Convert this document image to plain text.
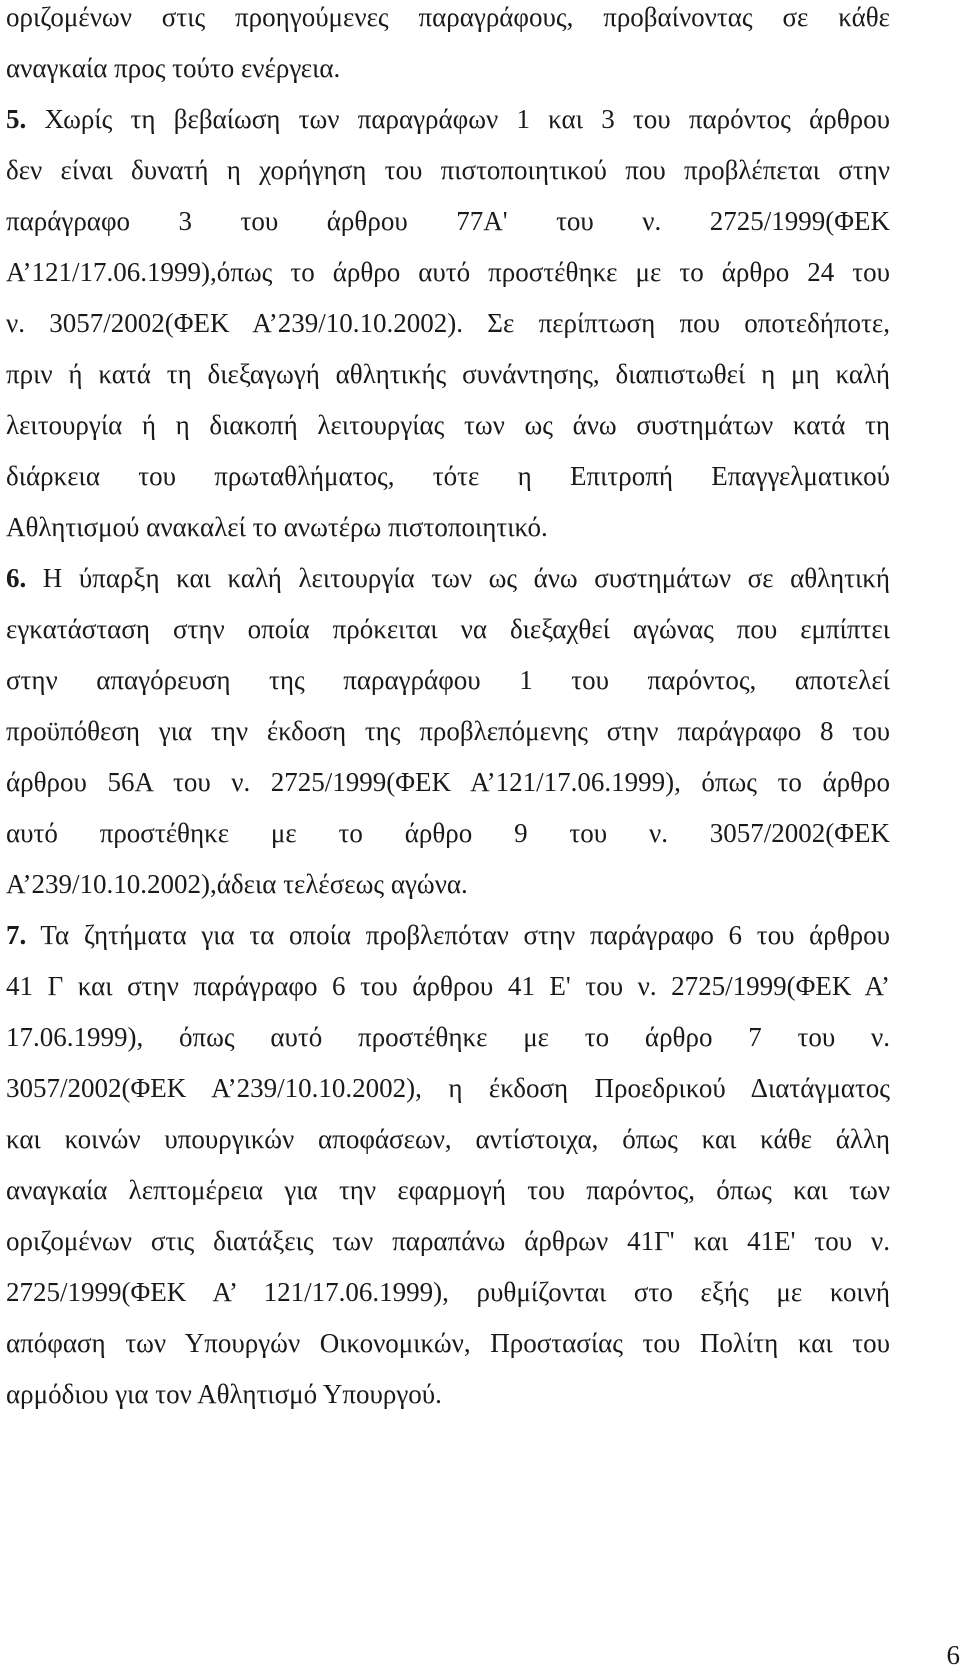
οριζομένων στις προηγούμενες παραγράφους, προβαίνοντας σε κάθε
αναγκαία προς τούτο ενέργεια.
5. Χωρίς τη βεβαίωση των παραγράφων 1 και 3 του παρόντος άρθρου
δεν είναι δυνατή η χορήγηση του πιστοποιητικού που προβλέπεται στην
παράγραφο 3 του άρθρου 77Α' του ν. 2725/1999(ΦΕΚ
Α’121/17.06.1999),όπως το άρθρο αυτό προστέθηκε με το άρθρο 24 του
ν. 3057/2002(ΦΕΚ Α’239/10.10.2002). Σε περίπτωση που οποτεδήποτε,
πριν ή κατά τη διεξαγωγή αθλητικής συνάντησης, διαπιστωθεί η μη καλή
λειτουργία ή η διακοπή λειτουργίας των ως άνω συστημάτων κατά τη
διάρκεια του πρωταθλήματος, τότε η Επιτροπή Επαγγελματικού
Αθλητισμού ανακαλεί το ανωτέρω πιστοποιητικό.
6. Η ύπαρξη και καλή λειτουργία των ως άνω συστημάτων σε αθλητική
εγκατάσταση στην οποία πρόκειται να διεξαχθεί αγώνας που εμπίπτει
στην απαγόρευση της παραγράφου 1 του παρόντος, αποτελεί
προϋπόθεση για την έκδοση της προβλεπόμενης στην παράγραφο 8 του
άρθρου 56Α του ν. 2725/1999(ΦΕΚ Α’121/17.06.1999), όπως το άρθρο
αυτό προστέθηκε με το άρθρο 9 του ν. 3057/2002(ΦΕΚ
Α’239/10.10.2002),άδεια τελέσεως αγώνα.
7. Τα ζητήματα για τα οποία προβλεπόταν στην παράγραφο 6 του άρθρου
41 Γ και στην παράγραφο 6 του άρθρου 41 Ε' του ν. 2725/1999(ΦΕΚ Α’
17.06.1999), όπως αυτό προστέθηκε με το άρθρο 7 του ν.
3057/2002(ΦΕΚ Α’239/10.10.2002), η έκδοση Προεδρικού Διατάγματος
και κοινών υπουργικών αποφάσεων, αντίστοιχα, όπως και κάθε άλλη
αναγκαία λεπτομέρεια για την εφαρμογή του παρόντος, όπως και των
οριζομένων στις διατάξεις των παραπάνω άρθρων 41Γ' και 41Ε' του ν.
2725/1999(ΦΕΚ Α’ 121/17.06.1999), ρυθμίζονται στο εξής με κοινή
απόφαση των Υπουργών Οικονομικών, Προστασίας του Πολίτη και του
αρμόδιου για τον Αθλητισμό Υπουργού.
6
